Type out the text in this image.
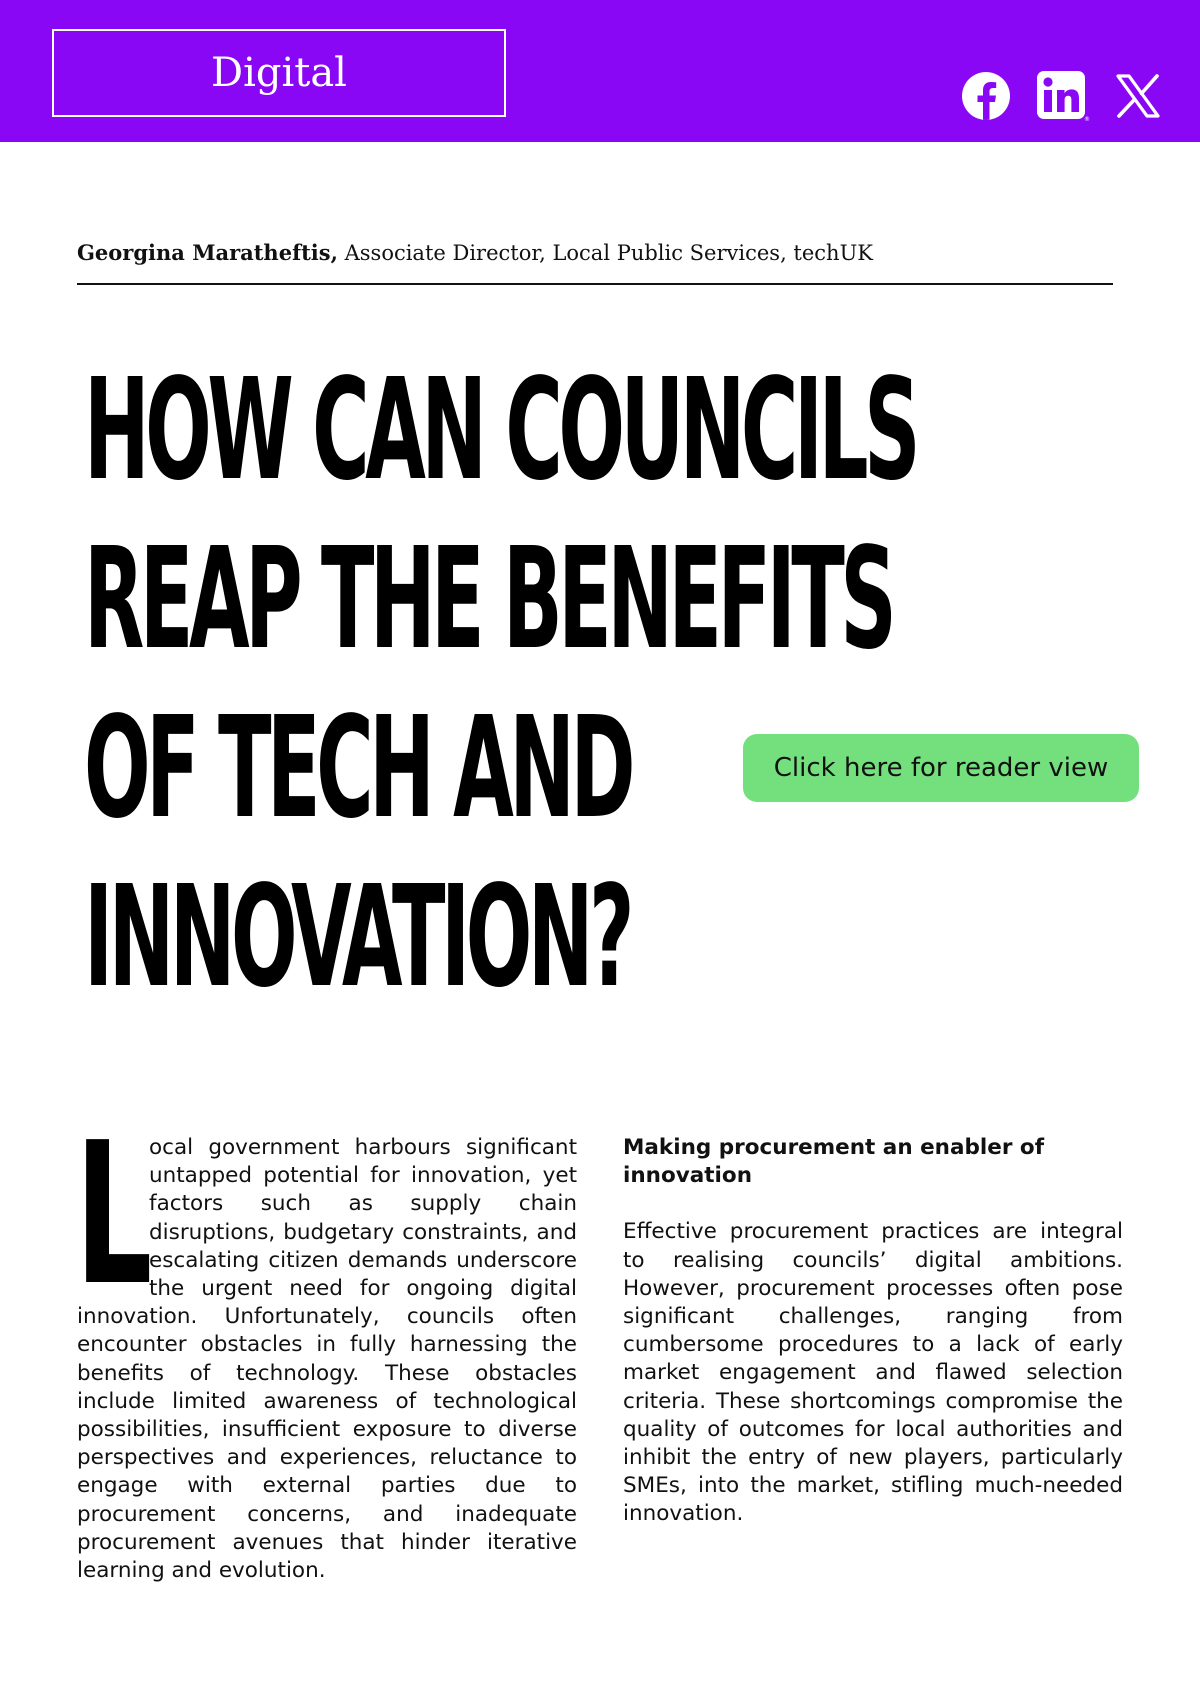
Digital
®
Georgina Maratheftis, Associate Director, Local Public Services, techUK
HOW CAN COUNCILS
REAP THE BENEFITS
OF TECH AND
INNOVATION?
Click here for reader view
L

ocal government harbours significant untapped potential for innovation, yet factors such as supply chain disruptions, budgetary constraints, and escalating citizen demands underscore the urgent need for ongoing digital innovation. Unfortunately, councils often encounter obstacles in fully harnessing the benefits of technology. These obstacles include limited awareness of technological possibilities, insufficient exposure to diverse perspectives and experiences, reluctance to engage with external parties due to procurement concerns, and inadequate procurement avenues that hinder iterative learning and evolution.

Making procurement an enabler of innovation

Effective procurement practices are integral to realising councils’ digital ambitions. However, procurement processes often pose significant challenges, ranging from cumbersome procedures to a lack of early market engagement and flawed selection criteria. These shortcomings compromise the quality of outcomes for local authorities and inhibit the entry of new players, particularly SMEs, into the market, stifling much-needed innovation.
